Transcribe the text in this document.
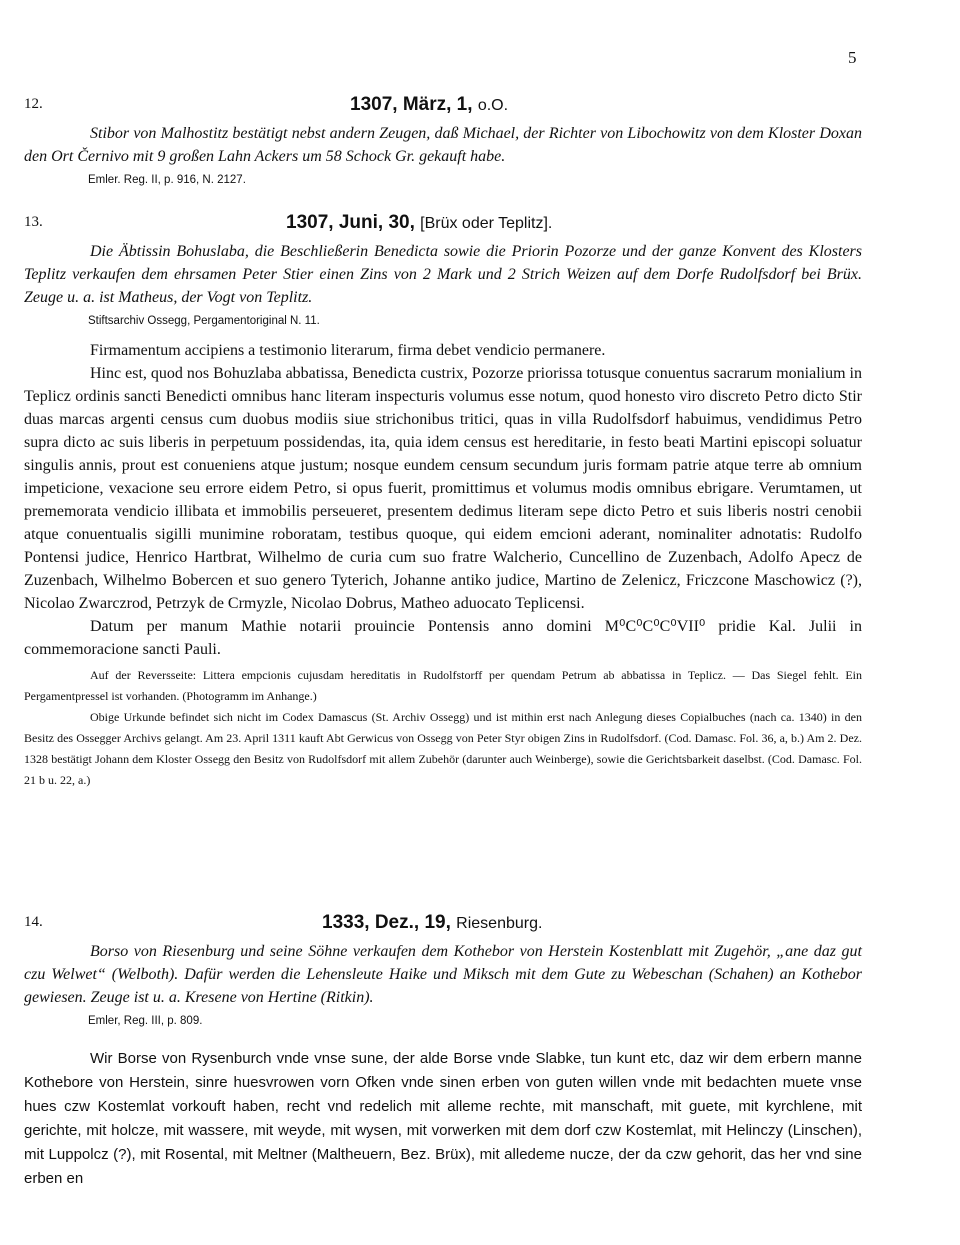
5
12.	1307, März, 1, o.O.

Stibor von Malhostitz bestätigt nebst andern Zeugen, daß Michael, der Richter von Libochowitz von dem Kloster Doxan den Ort Černivo mit 9 großen Lahn Ackers um 58 Schock Gr. gekauft habe.

Emler. Reg. II, p. 916, N. 2127.
13.	1307, Juni, 30, [Brüx oder Teplitz].

Die Äbtissin Bohuslaba, die Beschließerin Benedicta sowie die Priorin Pozorze und der ganze Konvent des Klosters Teplitz verkaufen dem ehrsamen Peter Stier einen Zins von 2 Mark und 2 Strich Weizen auf dem Dorfe Rudolfsdorf bei Brüx. Zeuge u. a. ist Matheus, der Vogt von Teplitz.

Stiftsarchiv Ossegg, Pergamentoriginal N. 11.

Firmamentum accipiens a testimonio literarum, firma debet vendicio permanere.

Hinc est, quod nos Bohuzlaba abbatissa, Benedicta custrix, Pozorze priorissa totusque conuentus sacrarum monialium in Teplicz ordinis sancti Benedicti omnibus hanc literam inspecturis volumus esse notum, quod honesto viro discreto Petro dicto Stir duas marcas argenti census cum duobus modiis siue strichonibus tritici, quas in villa Rudolfsdorf habuimus, vendidimus Petro supra dicto ac suis liberis in perpetuum possidendas, ita, quia idem census est hereditarie, in festo beati Martini episcopi soluatur singulis annis, prout est conueniens atque justum; nosque eundem censum secundum juris formam patrie atque terre ab omnium impeticione, vexacione seu errore eidem Petro, si opus fuerit, promittimus et volumus modis omnibus ebrigare. Verumtamen, ut prememorata vendicio illibata et immobilis perseueret, presentem dedimus literam sepe dicto Petro et suis liberis nostri cenobii atque conuentualis sigilli munimine roboratam, testibus quoque, qui eidem emcioni aderant, nominaliter adnotatis: Rudolfo Pontensi judice, Henrico Hartbrat, Wilhelmo de curia cum suo fratre Walcherio, Cuncellino de Zuzenbach, Adolfo Apecz de Zuzenbach, Wilhelmo Bobercen et suo genero Tyterich, Johanne antiko judice, Martino de Zelenicz, Friczcone Maschowicz (?), Nicolao Zwarczrod, Petrzyk de Crmyzle, Nicolao Dobrus, Matheo aduocato Teplicensi.

Datum per manum Mathie notarii prouincie Pontensis anno domini M⁰C⁰C⁰C⁰VII⁰ pridie Kal. Julii in commemoracione sancti Pauli.

Auf der Reversseite: Littera empcionis cujusdam hereditatis in Rudolfstorff per quendam Petrum ab abbatissa in Teplicz. — Das Siegel fehlt. Ein Pergamentpressel ist vorhanden. (Photogramm im Anhange.)

Obige Urkunde befindet sich nicht im Codex Damascus (St. Archiv Ossegg) und ist mithin erst nach Anlegung dieses Copialbuches (nach ca. 1340) in den Besitz des Ossegger Archivs gelangt. Am 23. April 1311 kauft Abt Gerwicus von Ossegg von Peter Styr obigen Zins in Rudolfsdorf. (Cod. Damasc. Fol. 36, a, b.) Am 2. Dez. 1328 bestätigt Johann dem Kloster Ossegg den Besitz von Rudolfsdorf mit allem Zubehör (darunter auch Weinberge), sowie die Gerichtsbarkeit daselbst. (Cod. Damasc. Fol. 21 b u. 22, a.)

14.	1333, Dez., 19, Riesenburg.

Borso von Riesenburg und seine Söhne verkaufen dem Kothebor von Herstein Kostenblatt mit Zugehör, „ane daz gut czu Welwet“ (Welboth). Dafür werden die Lehensleute Haike und Miksch mit dem Gute zu Webeschan (Schahen) an Kothebor gewiesen. Zeuge ist u. a. Kresene von Hertine (Ritkin).

Emler, Reg. III, p. 809.

Wir Borse von Rysenburch vnde vnse sune, der alde Borse vnde Slabke, tun kunt etc, daz wir dem erbern manne Kothebore von Herstein, sinre huesvrowen vorn Ofken vnde sinen erben von guten willen vnde mit bedachten muete vnse hues czw Kostemlat vorkouft haben, recht vnd redelich mit alleme rechte, mit manschaft, mit guete, mit kyrchlene, mit gerichte, mit holcze, mit wassere, mit weyde, mit wysen, mit vorwerken mit dem dorf czw Kostemlat, mit Helinczy (Linschen), mit Luppolcz (?), mit Rosental, mit Meltner (Maltheuern, Bez. Brüx), mit alledeme nucze, der da czw gehorit, das her vnd sine erben en
